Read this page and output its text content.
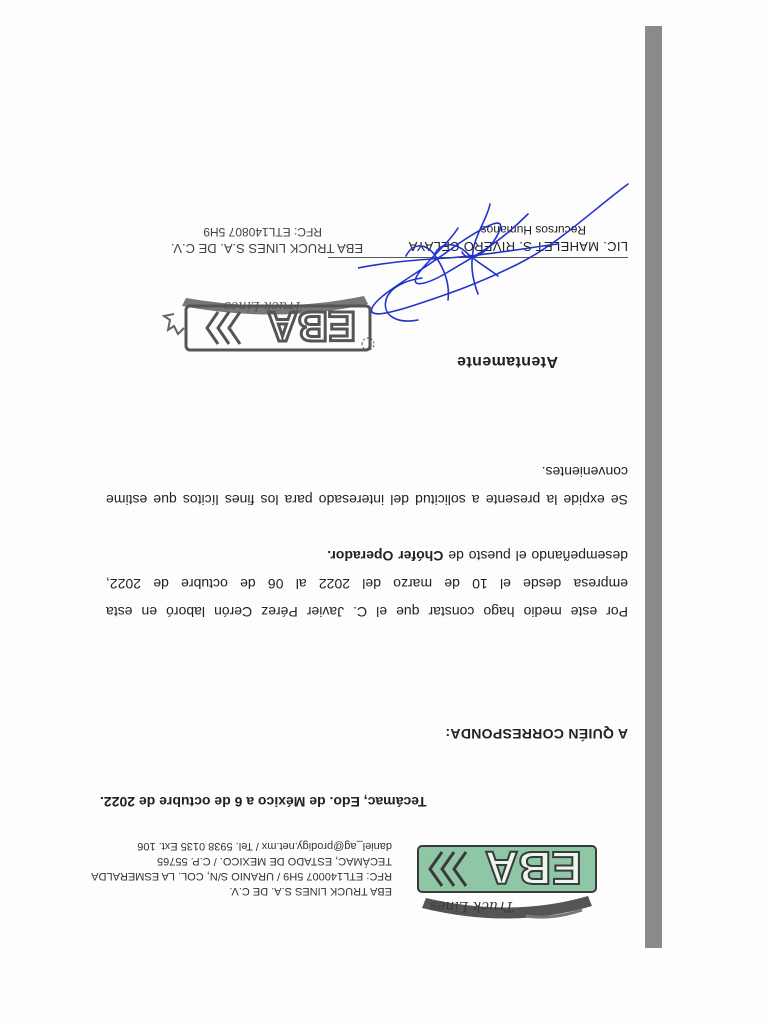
Truck Lines
EBA
EBA TRUCK LINES S.A. DE C.V.
RFC: ETL140007 5H9 / URANIO S/N, COL. LA ESMERALDA
TECÁMAC, ESTADO DE MEXICO. / C.P. 55765
daniel_ag@prodigy.net.mx / Tel. 5938 0135 Ext. 106
Tecámac, Edo. de México a 6 de octubre de 2022.
A QUIÉN CORRESPONDA:
Por este medio hago constar que el C. Javier Pérez Cerón laboró en esta empresa desde el 10 de marzo del 2022 al 06 de octubre de 2022, desempeñando el puesto de Chófer Operador.
Se expide la presente a solicitud del interesado para los fines lícitos que estime convenientes.
Atentamente
Truck Lines
EBA
EBA TRUCK LINES S.A. DE C.V.
RFC: ETL140807 5H9
LIC. MAHELET S. RIVERO CELAYA
Recursos Humanos
